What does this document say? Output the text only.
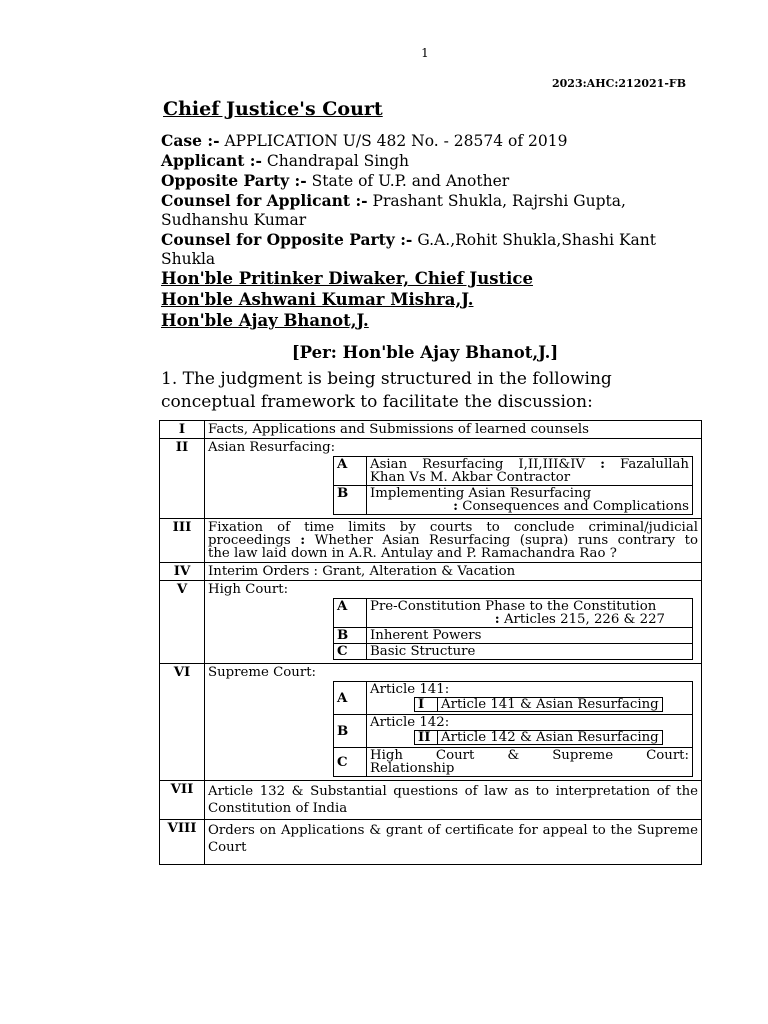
1
2023:AHC:212021-FB
Chief Justice's Court
Case :- APPLICATION U/S 482 No. - 28574 of 2019
Applicant :- Chandrapal Singh
Opposite Party :- State of U.P. and Another
Counsel for Applicant :- Prashant Shukla, Rajrshi Gupta, Sudhanshu Kumar
Counsel for Opposite Party :- G.A.,Rohit Shukla,Shashi Kant Shukla
Hon'ble Pritinker Diwaker, Chief Justice
Hon'ble Ashwani Kumar Mishra,J.
Hon'ble Ajay Bhanot,J.
[Per: Hon'ble Ajay Bhanot,J.]
1. The judgment is being structured in the following conceptual framework to facilitate the discussion:
I	Facts, Applications and Submissions of learned counsels
II	Asian Resurfacing:
A	Asian Resurfacing I,II,III&IV : Fazalullah
Khan Vs M. Akbar Contractor

B	Implementing Asian Resurfacing
: Consequences and Complications

III	Fixation of time limits by courts to conclude criminal/judicial
proceedings : Whether Asian Resurfacing (supra) runs contrary to
the law laid down in A.R. Antulay and P. Ramachandra Rao ?

IV	Interim Orders : Grant, Alteration & Vacation
V	High Court:
A	Pre-Constitution Phase to the Constitution
: Articles 215, 226 & 227

B	Inherent Powers
C	Basic Structure

VI	Supreme Court:
A	
Article 141:
I	Article 141 & Asian Resurfacing

B	
Article 142:
II	Article 142 & Asian Resurfacing

C	High Court & Supreme Court:
Relationship

VII	Article 132 & Substantial questions of law as to interpretation of the Constitution of India
VIII	Orders on Applications & grant of certificate for appeal to the Supreme Court
